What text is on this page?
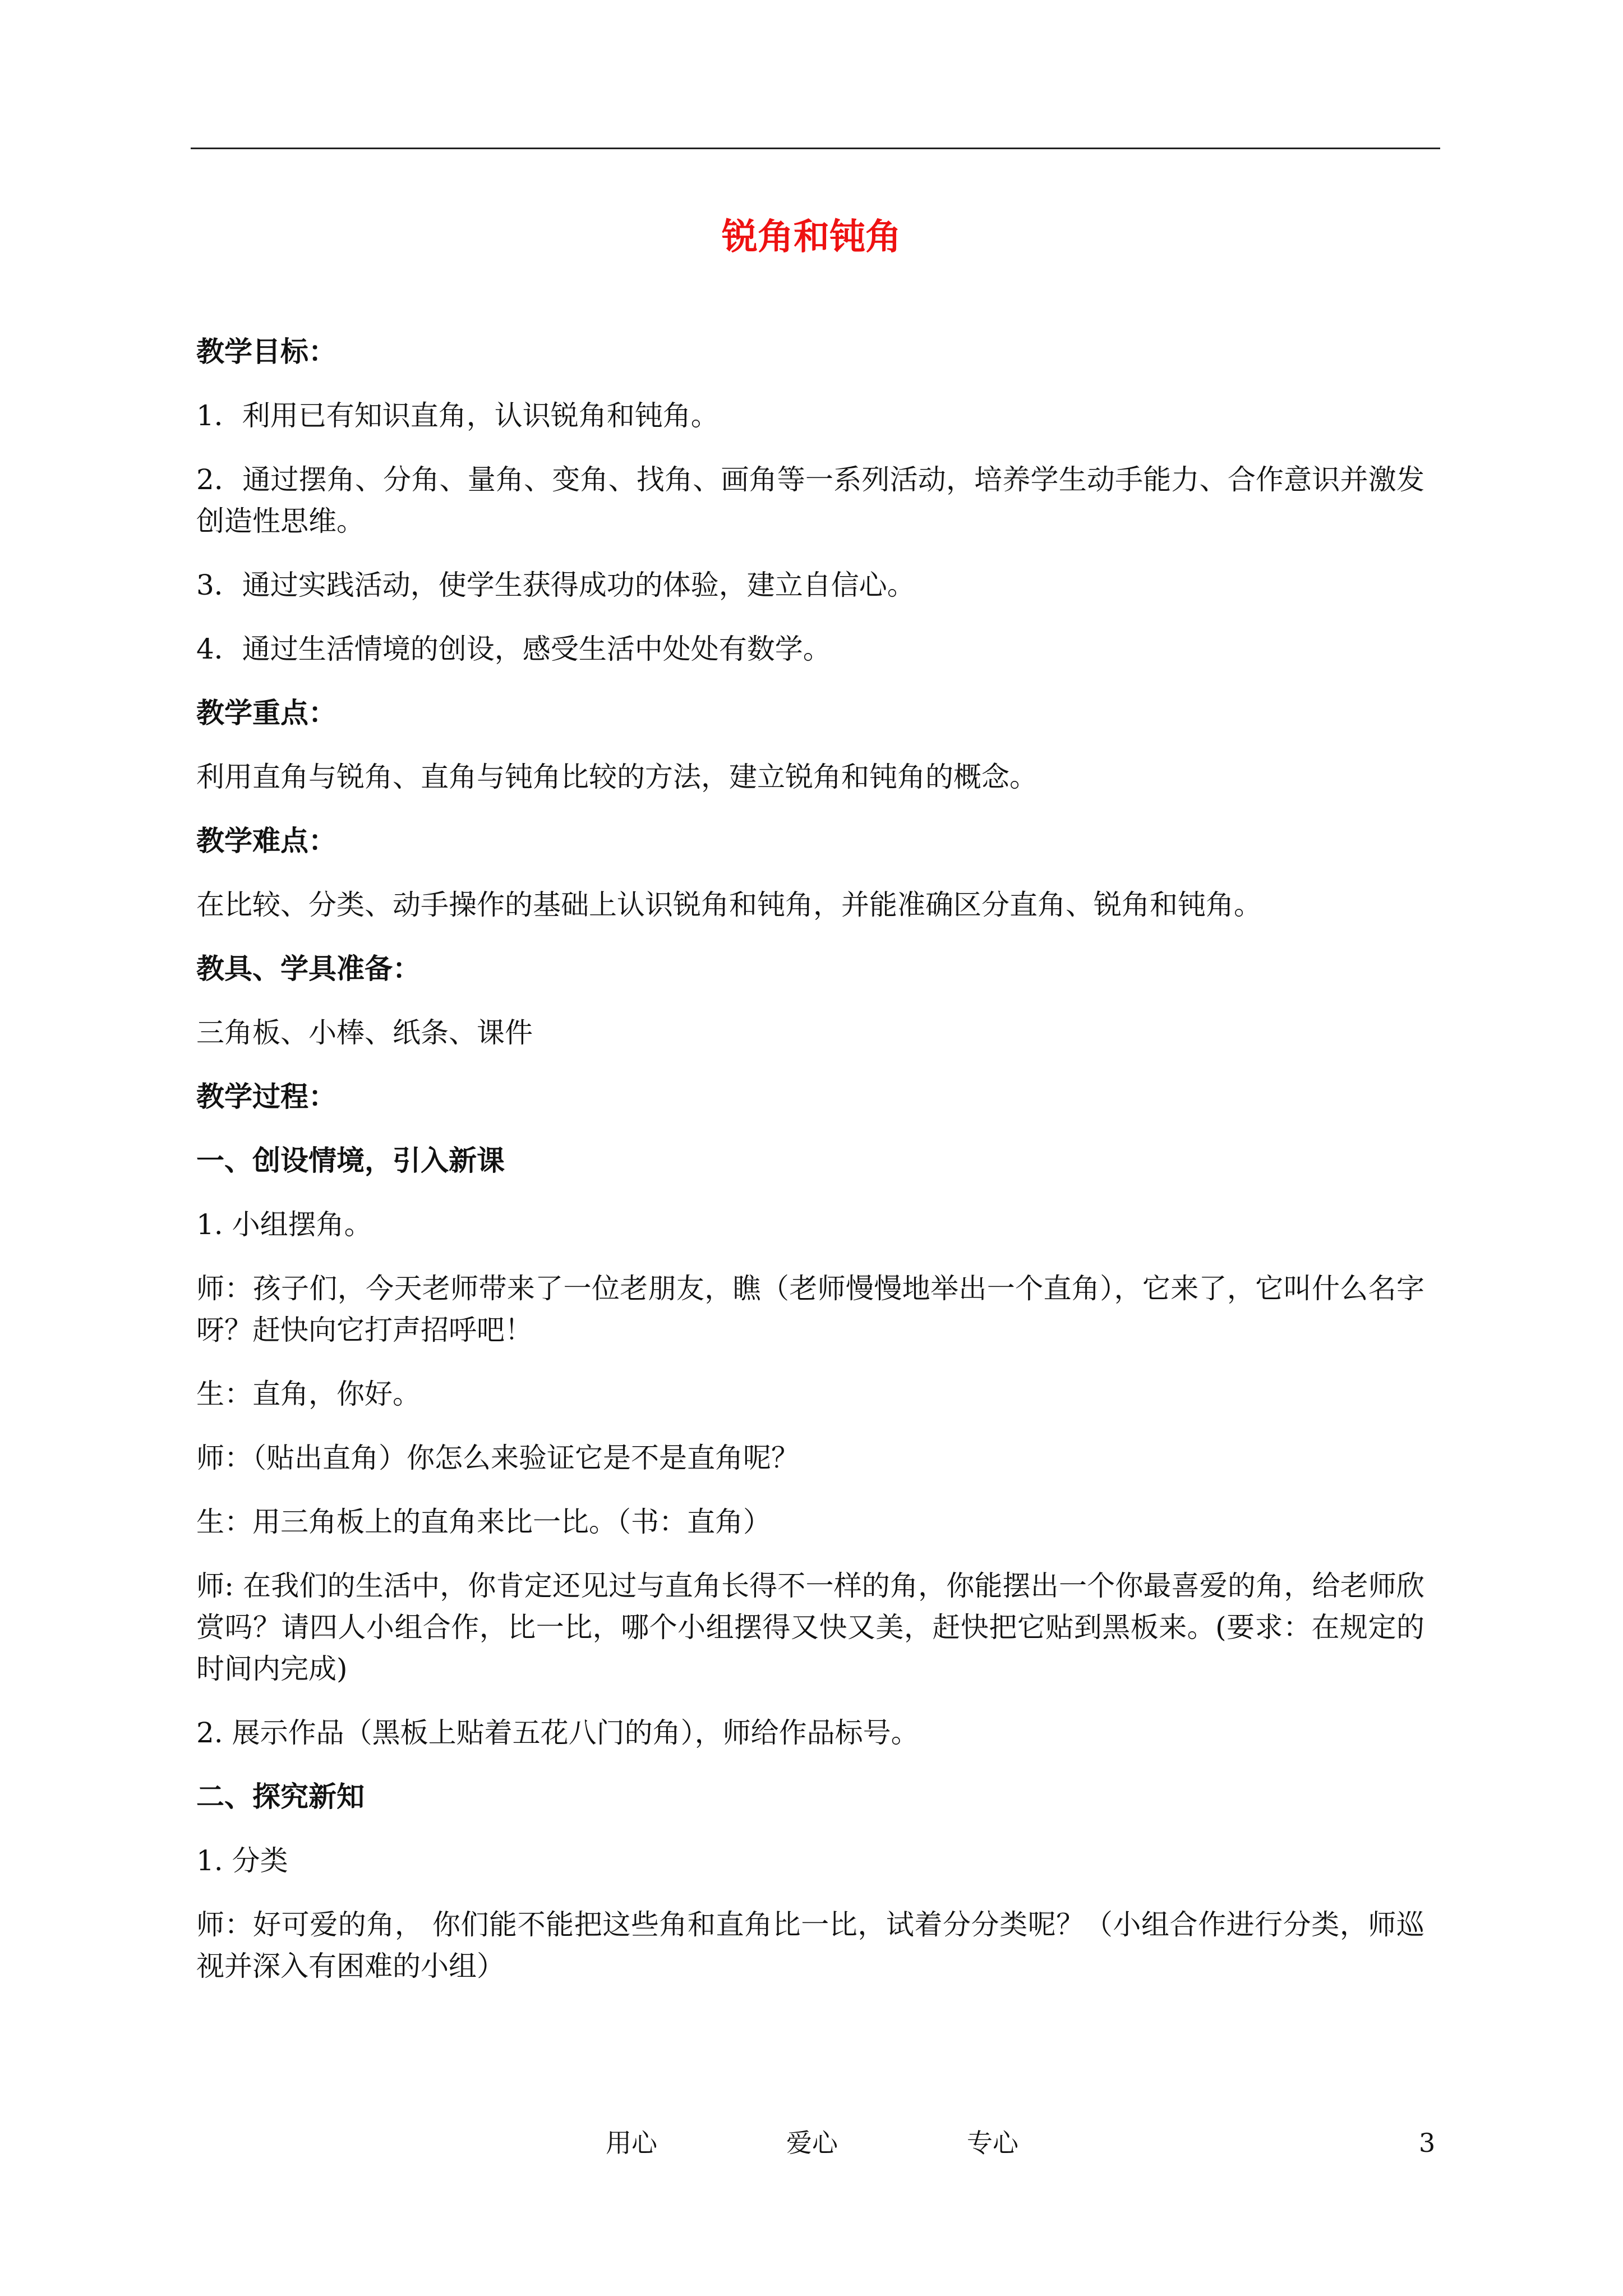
锐角和钝角

教学目标：

1．利用已有知识直角，认识锐角和钝角。

2．通过摆角、分角、量角、变角、找角、画角等一系列活动，培养学生动手能力、合作意识并激发创造性思维。

3．通过实践活动，使学生获得成功的体验，建立自信心。

4．通过生活情境的创设，感受生活中处处有数学。

教学重点：

利用直角与锐角、直角与钝角比较的方法，建立锐角和钝角的概念。

教学难点：

在比较、分类、动手操作的基础上认识锐角和钝角，并能准确区分直角、锐角和钝角。

教具、学具准备：

三角板、小棒、纸条、课件

教学过程：

一、创设情境，引入新课

1. 小组摆角。

师：孩子们，今天老师带来了一位老朋友，瞧（老师慢慢地举出一个直角），它来了，它叫什么名字呀？赶快向它打声招呼吧！

生：直角，你好。

师：（贴出直角）你怎么来验证它是不是直角呢？

生：用三角板上的直角来比一比。（书：直角）

师: 在我们的生活中，你肯定还见过与直角长得不一样的角，你能摆出一个你最喜爱的角，给老师欣赏吗？请四人小组合作，比一比，哪个小组摆得又快又美，赶快把它贴到黑板来。(要求：在规定的时间内完成)

2. 展示作品（黑板上贴着五花八门的角），师给作品标号。

二、探究新知

1. 分类

师：好可爱的角， 你们能不能把这些角和直角比一比，试着分分类呢？（小组合作进行分类，师巡视并深入有困难的小组）

用心	爱心	专心	3
